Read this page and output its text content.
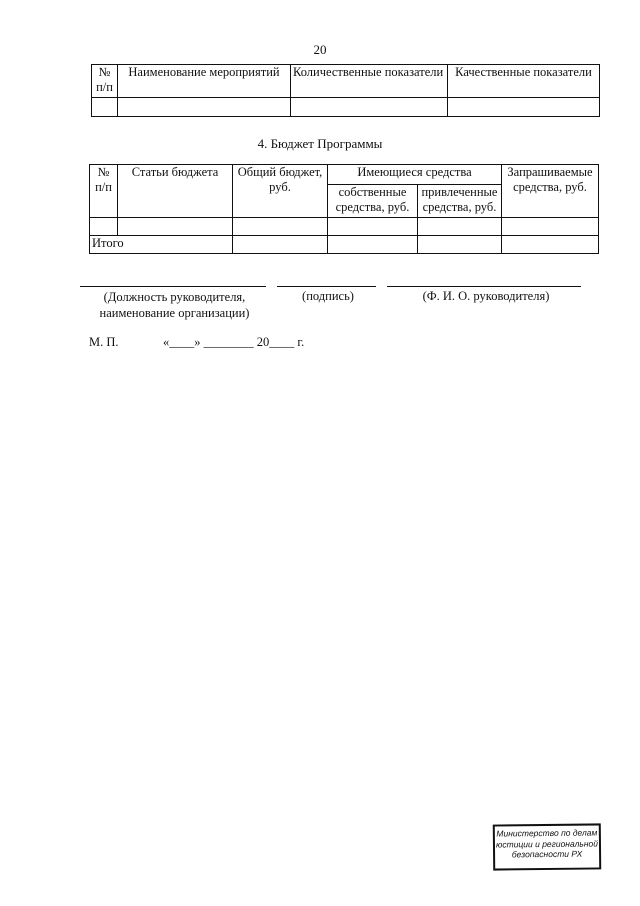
20
№ п/п	Наименование мероприятий	Количественные показатели	Качественные показатели

4. Бюджет Программы
№ п/п	Статьи бюджета	Общий бюджет, руб.	Имеющиеся средства		Запрашиваемые средства, руб.
			собственные средства, руб.	привлеченные средства, руб.	

Итого					
(Должность руководителя, наименование организации)
(подпись)	(Ф. И. О. руководителя)
М. П.	«____» ________ 20____ г.
Министерство по делам юстиции и региональной безопасности РХ
